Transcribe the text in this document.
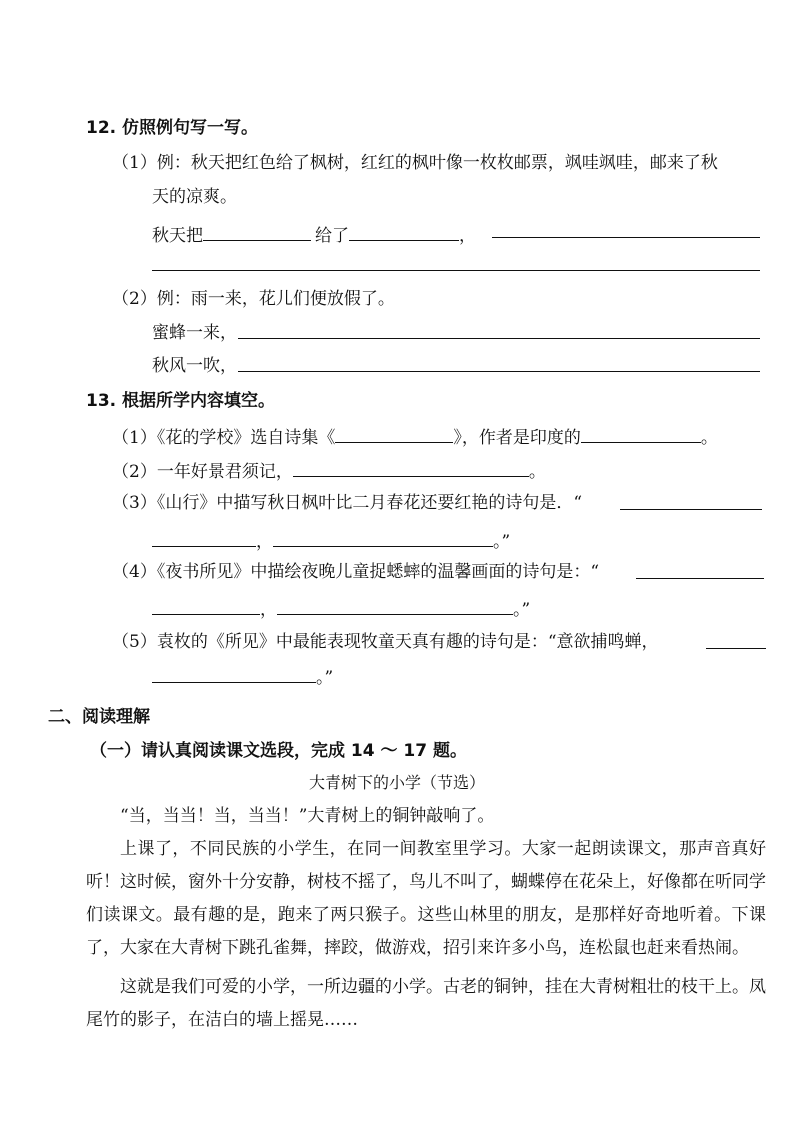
12. 仿照例句写一写。
（1）例：秋天把红色给了枫树，红红的枫叶像一枚枚邮票，飒哇飒哇，邮来了秋
天的凉爽。
秋天把	给了	，
（2）例：雨一来，花儿们便放假了。
蜜蜂一来，
秋风一吹，
13. 根据所学内容填空。
（1）《花的学校》选自诗集《	》，作者是印度的	。
（2）一年好景君须记，	。
（3）《山行》中描写秋日枫叶比二月春花还要红艳的诗句是．“
，	。”
（4）《夜书所见》中描绘夜晚儿童捉蟋蟀的温馨画面的诗句是：“
，	。”
（5）袁枚的《所见》中最能表现牧童天真有趣的诗句是：“意欲捕鸣蝉，
。”
二、阅读理解
（一）请认真阅读课文选段，完成 14 ～ 17 题。
大青树下的小学（节选）

“当，当当！当，当当！”大青树上的铜钟敲响了。

上课了，不同民族的小学生，在同一间教室里学习。大家一起朗读课文，那声音真好听！这时候，窗外十分安静，树枝不摇了，鸟儿不叫了，蝴蝶停在花朵上，好像都在听同学们读课文。最有趣的是，跑来了两只猴子。这些山林里的朋友，是那样好奇地听着。下课了，大家在大青树下跳孔雀舞，摔跤，做游戏，招引来许多小鸟，连松鼠也赶来看热闹。

这就是我们可爱的小学，一所边疆的小学。古老的铜钟，挂在大青树粗壮的枝干上。凤尾竹的影子，在洁白的墙上摇晃……
